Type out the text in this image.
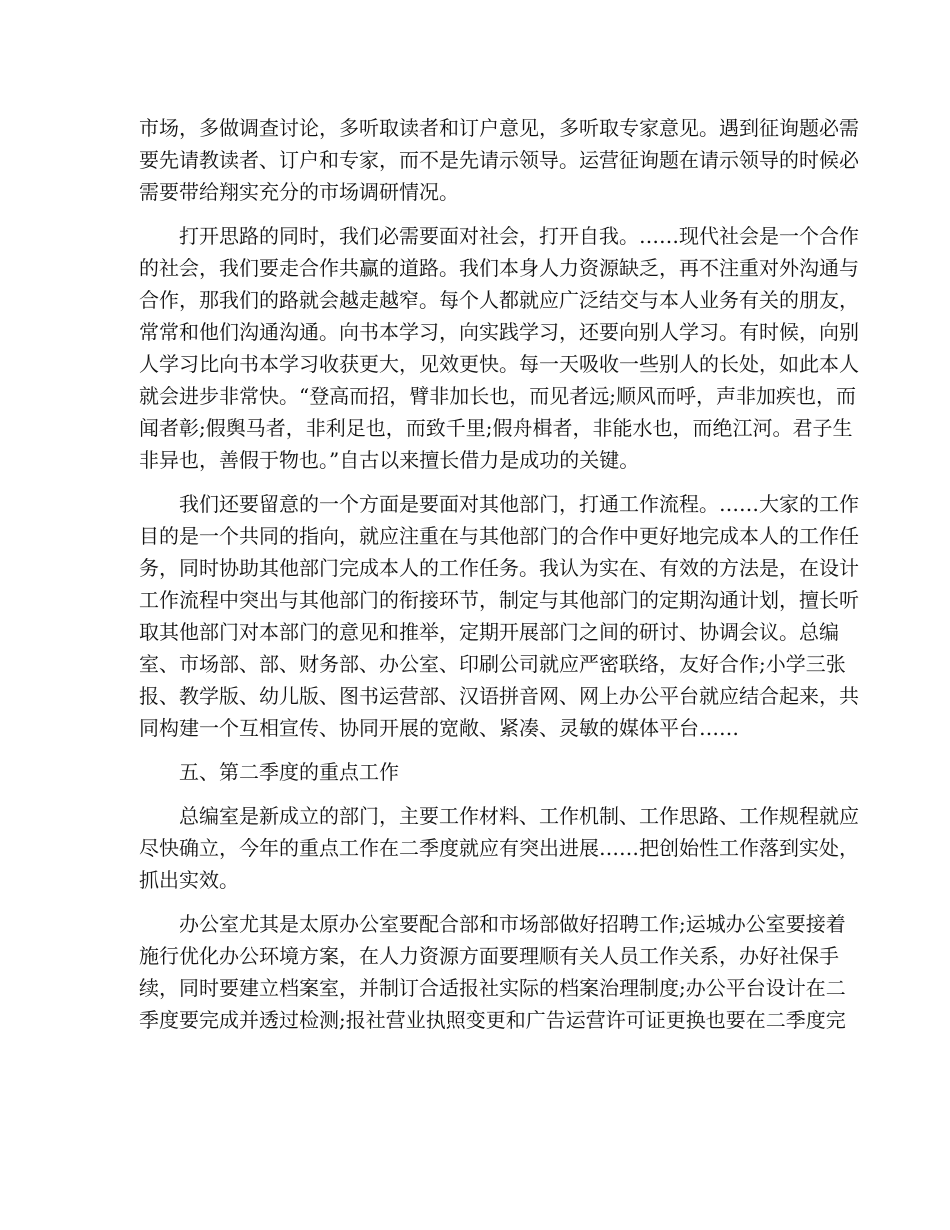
市场，多做调查讨论，多听取读者和订户意见，多听取专家意见。遇到征询题必需
要先请教读者、订户和专家，而不是先请示领导。运营征询题在请示领导的时候必
需要带给翔实充分的市场调研情况。

　　打开思路的同时，我们必需要面对社会，打开自我。……现代社会是一个合作
的社会，我们要走合作共赢的道路。我们本身人力资源缺乏，再不注重对外沟通与
合作，那我们的路就会越走越窄。每个人都就应广泛结交与本人业务有关的朋友，
常常和他们沟通沟通。向书本学习，向实践学习，还要向别人学习。有时候，向别
人学习比向书本学习收获更大，见效更快。每一天吸收一些别人的长处，如此本人
就会进步非常快。“登高而招，臂非加长也，而见者远;顺风而呼，声非加疾也，而
闻者彰;假舆马者，非利足也，而致千里;假舟楫者，非能水也，而绝江河。君子生
非异也，善假于物也。”自古以来擅长借力是成功的关键。

　　我们还要留意的一个方面是要面对其他部门，打通工作流程。……大家的工作
目的是一个共同的指向，就应注重在与其他部门的合作中更好地完成本人的工作任
务，同时协助其他部门完成本人的工作任务。我认为实在、有效的方法是，在设计
工作流程中突出与其他部门的衔接环节，制定与其他部门的定期沟通计划，擅长听
取其他部门对本部门的意见和推举，定期开展部门之间的研讨、协调会议。总编
室、市场部、部、财务部、办公室、印刷公司就应严密联络，友好合作;小学三张
报、教学版、幼儿版、图书运营部、汉语拼音网、网上办公平台就应结合起来，共
同构建一个互相宣传、协同开展的宽敞、紧凑、灵敏的媒体平台……

　　五、第二季度的重点工作

　　总编室是新成立的部门，主要工作材料、工作机制、工作思路、工作规程就应
尽快确立，今年的重点工作在二季度就应有突出进展……把创始性工作落到实处，
抓出实效。

　　办公室尤其是太原办公室要配合部和市场部做好招聘工作;运城办公室要接着
施行优化办公环境方案，在人力资源方面要理顺有关人员工作关系，办好社保手
续，同时要建立档案室，并制订合适报社实际的档案治理制度;办公平台设计在二
季度要完成并透过检测;报社营业执照变更和广告运营许可证更换也要在二季度完
